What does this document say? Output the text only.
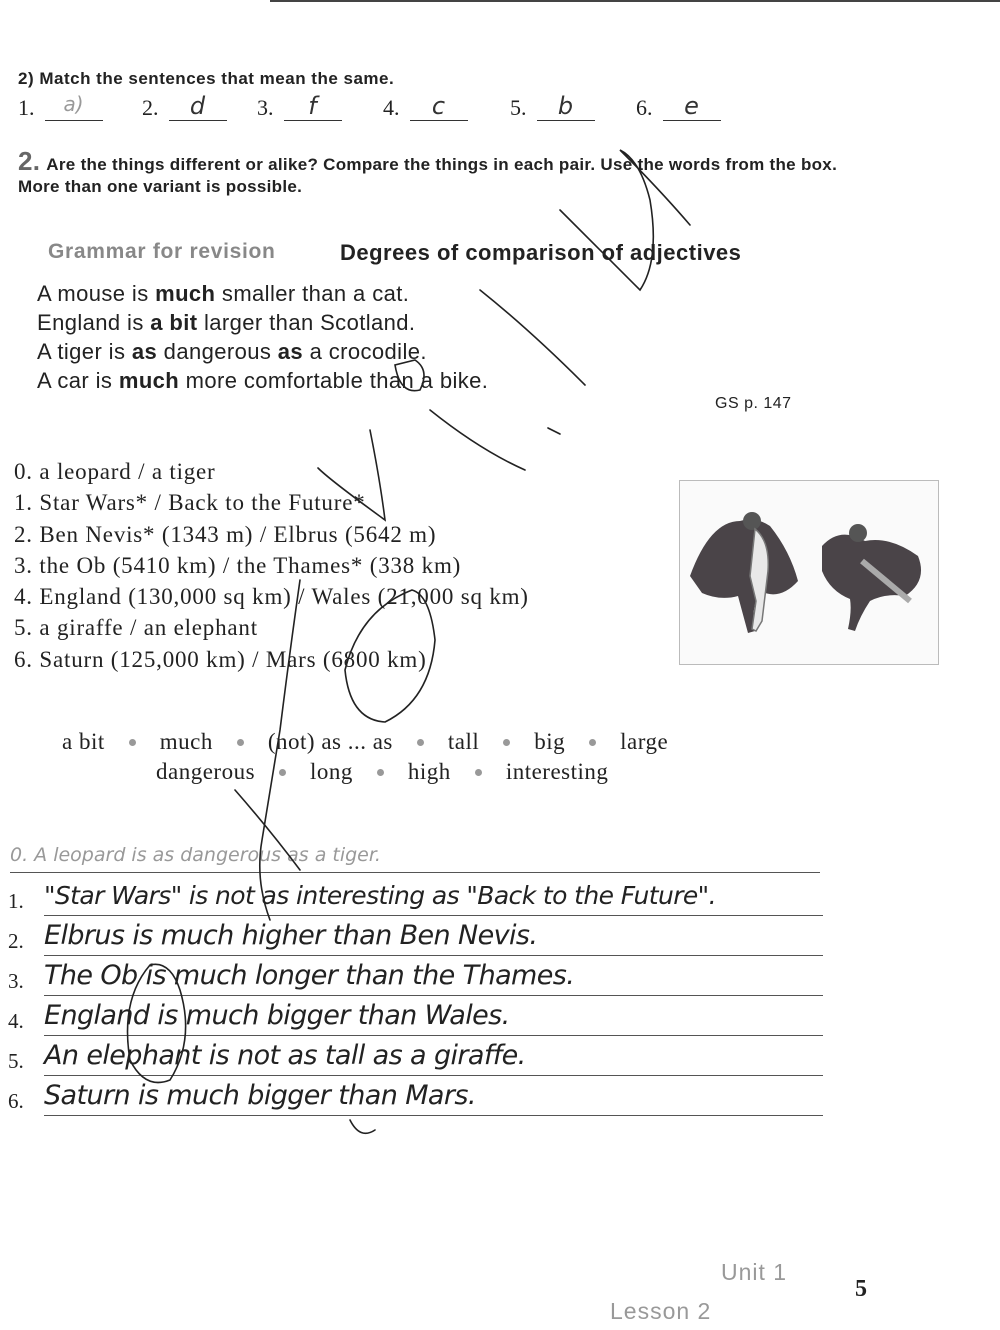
2) Match the sentences that mean the same.
1. a)	2. d	3. f	4. c	5. b	6. e
2. Are the things different or alike? Compare the things in each pair. Use the words from the box. More than one variant is possible.
Grammar for revision	Degrees of comparison of adjectives
A mouse is much smaller than a cat.
England is a bit larger than Scotland.
A tiger is as dangerous as a crocodile.
A car is much more comfortable than a bike.
GS p. 147
0. a leopard / a tiger
1. Star Wars* / Back to the Future*
2. Ben Nevis* (1343 m) / Elbrus (5642 m)
3. the Ob (5410 km) / the Thames* (338 km)
4. England (130,000 sq km) / Wales (21,000 sq km)
5. a giraffe / an elephant
6. Saturn (125,000 km) / Mars (6800 km)
a bit much (not) as ... as tall big large
dangerous long high interesting
0. A leopard is as dangerous as a tiger.
1. "Star Wars" is not as interesting as "Back to the Future".
2. Elbrus is much higher than Ben Nevis.
3. The Ob is much longer than the Thames.
4. England is much bigger than Wales.
5. An elephant is not as tall as a giraffe.
6. Saturn is much bigger than Mars.
Unit 1
Lesson 2
5
